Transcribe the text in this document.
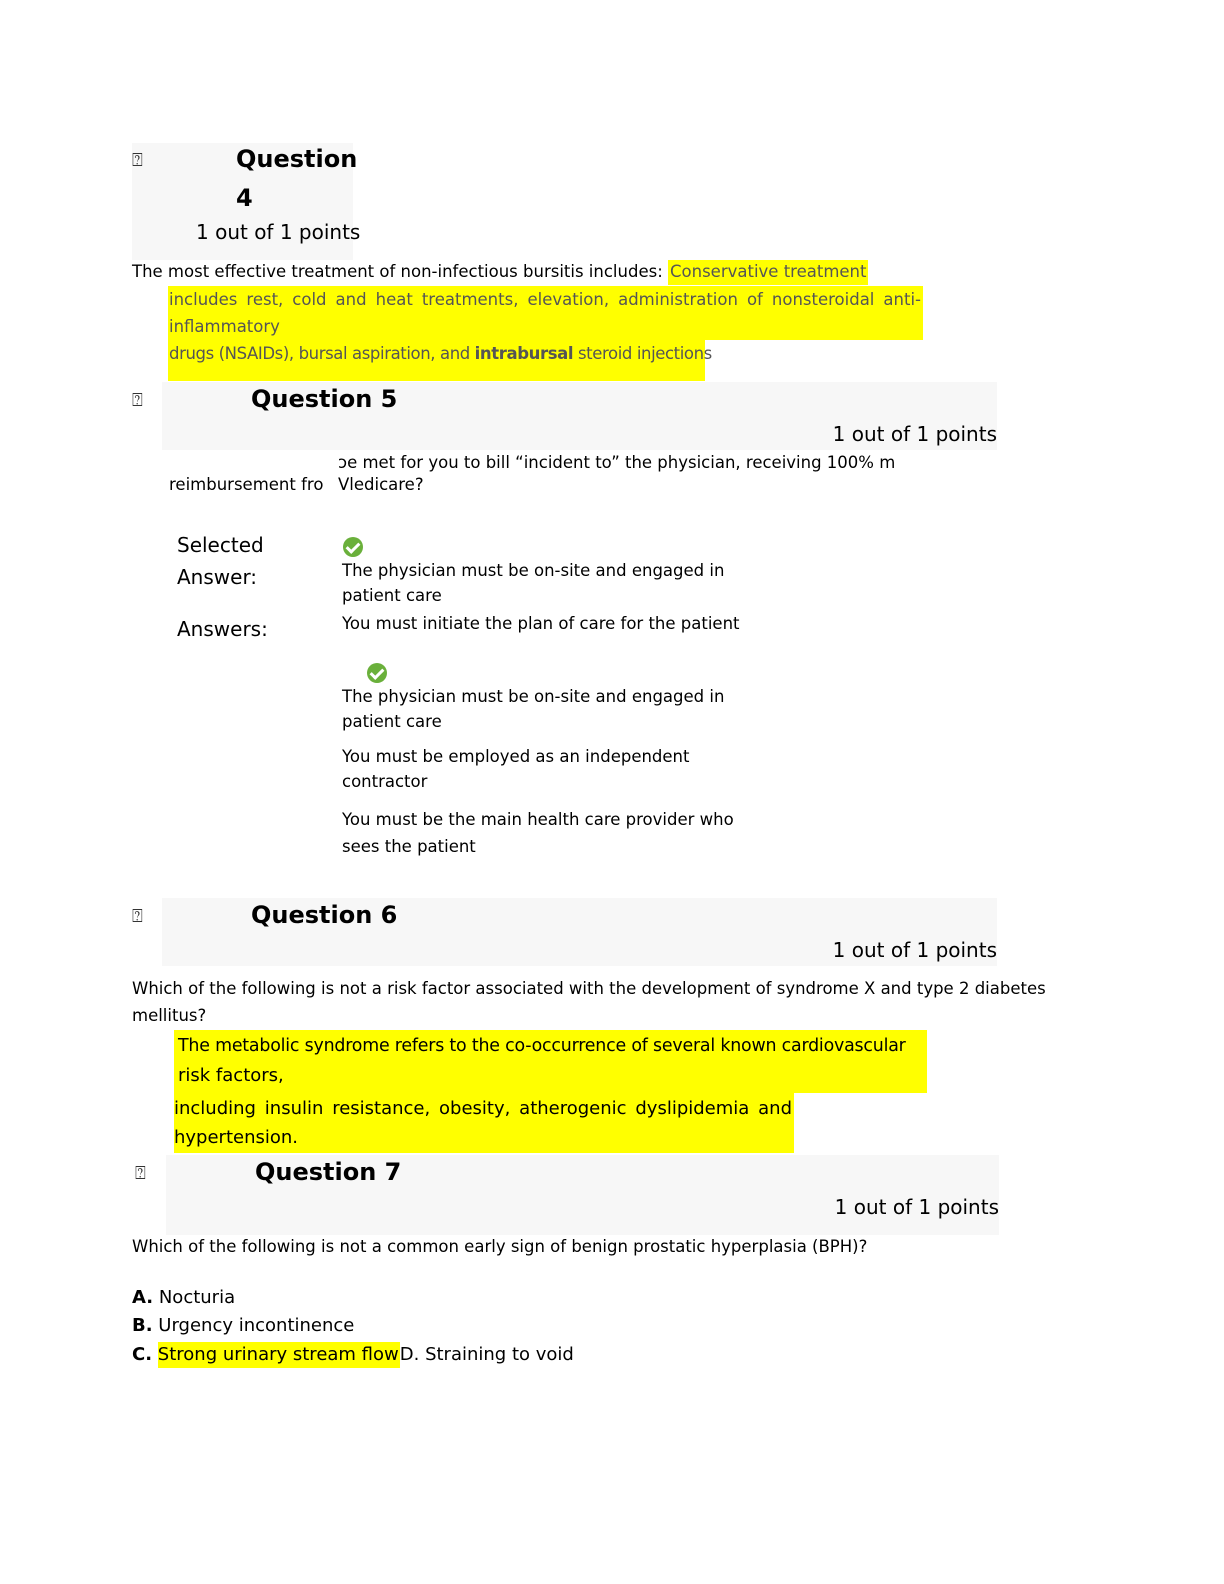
⍰	Question
4
1 out of 1 points
The most effective treatment of non-infectious bursitis includes: Conservative treatment
includes rest, cold and heat treatments, elevation, administration of nonsteroidal anti-
inflammatory
drugs (NSAIDs), bursal aspiration, and intrabursal steroid injections
⍰	Question 5
1 out of 1 points
ɔe met for you to bill “incident to” the physician, receiving 100% m
reimbursement fro Vledicare?
Selected
Answer:
	The physician must be on-site and engaged in
patient care
Answers:	You must initiate the plan of care for the patient
The physician must be on-site and engaged in
patient care
You must be employed as an independent
contractor
You must be the main health care provider who
sees the patient
⍰	Question 6
1 out of 1 points
Which of the following is not a risk factor associated with the development of syndrome X and type 2 diabetes
mellitus?
The metabolic syndrome refers to the co-occurrence of several known cardiovascular
risk factors,
including insulin resistance, obesity, atherogenic dyslipidemia and
hypertension.
⍰	Question 7
1 out of 1 points
Which of the following is not a common early sign of benign prostatic hyperplasia (BPH)?
A. Nocturia
B. Urgency incontinence
C. Strong urinary stream flowD. Straining to void
